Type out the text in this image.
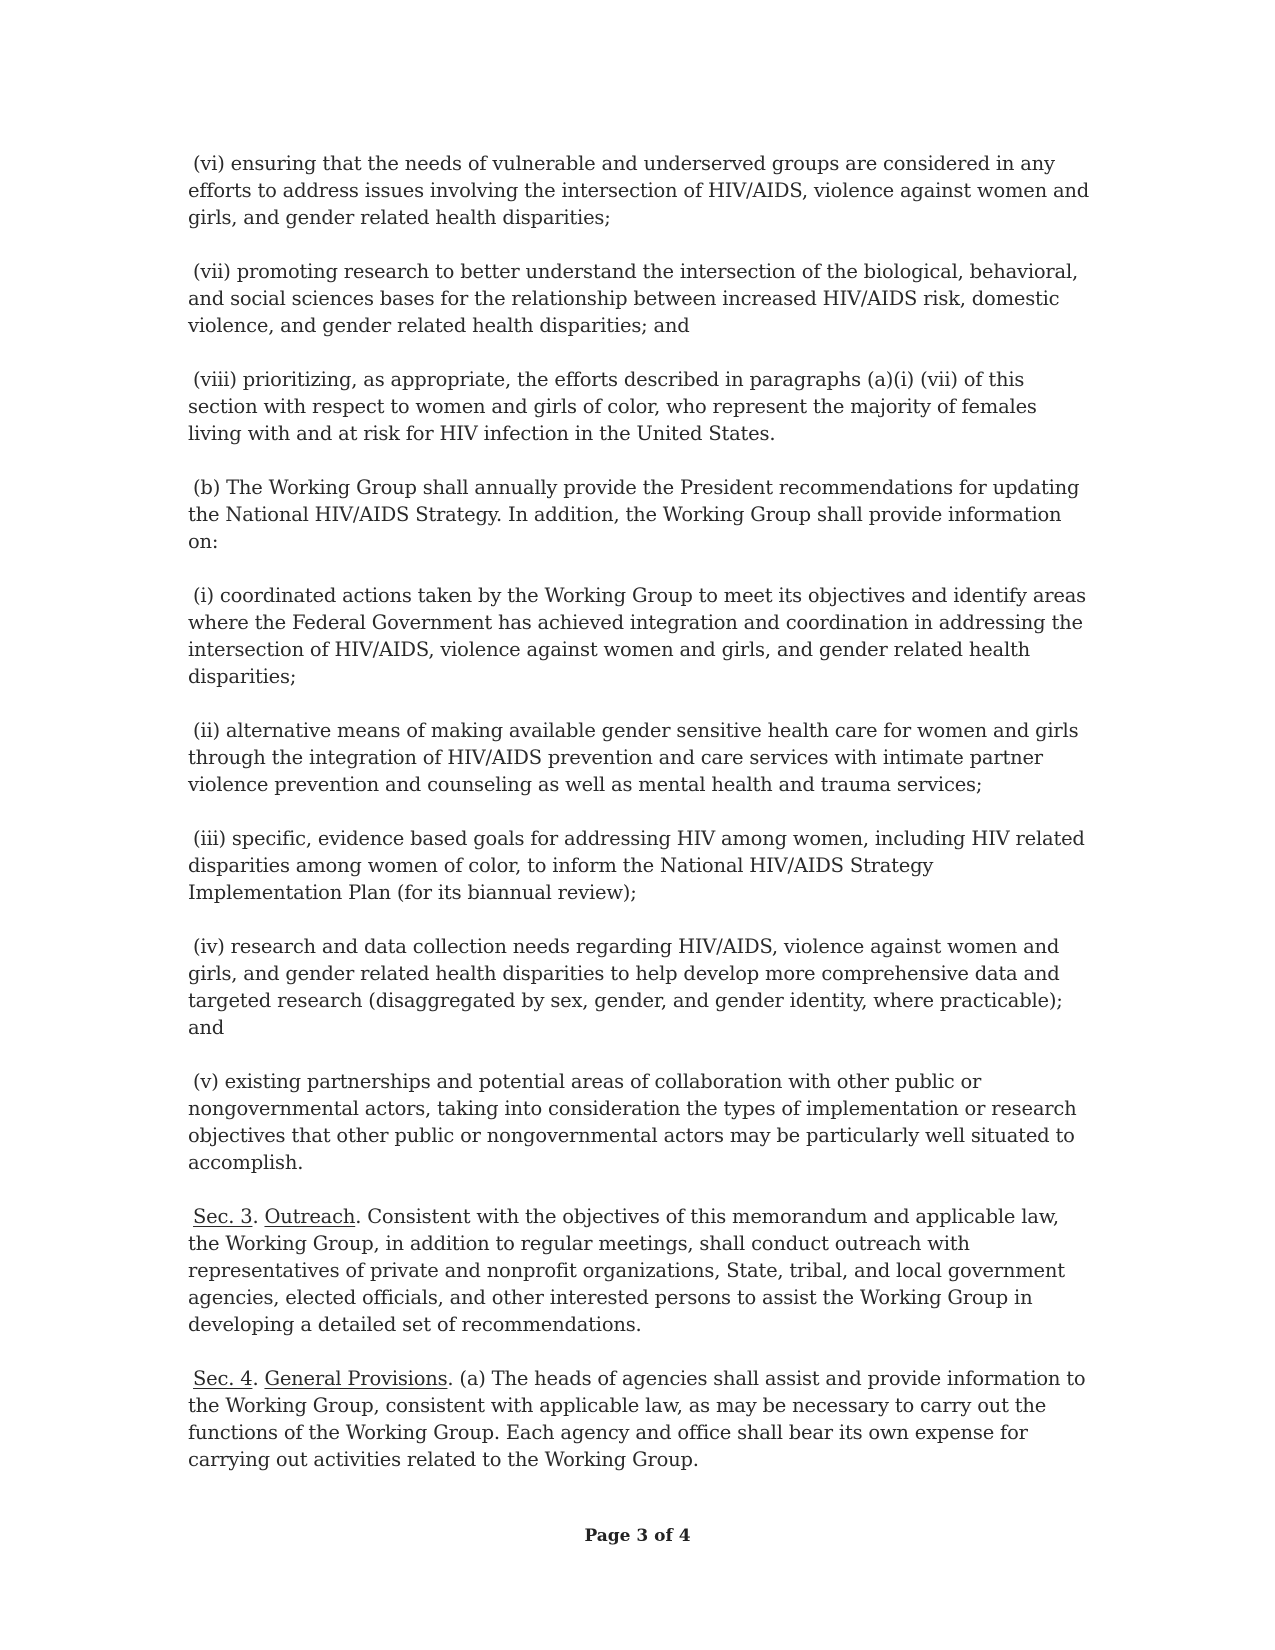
(vi) ensuring that the needs of vulnerable and underserved groups are considered in any efforts to address issues involving the intersection of HIV/AIDS, violence against women and girls, and gender related health disparities;

(vii) promoting research to better understand the intersection of the biological, behavioral, and social sciences bases for the relationship between increased HIV/AIDS risk, domestic violence, and gender related health disparities; and

(viii) prioritizing, as appropriate, the efforts described in paragraphs (a)(i) (vii) of this section with respect to women and girls of color, who represent the majority of females living with and at risk for HIV infection in the United States.

(b) The Working Group shall annually provide the President recommendations for updating the National HIV/AIDS Strategy. In addition, the Working Group shall provide information on:

(i) coordinated actions taken by the Working Group to meet its objectives and identify areas where the Federal Government has achieved integration and coordination in addressing the intersection of HIV/AIDS, violence against women and girls, and gender related health disparities;

(ii) alternative means of making available gender sensitive health care for women and girls through the integration of HIV/AIDS prevention and care services with intimate partner violence prevention and counseling as well as mental health and trauma services;

(iii) specific, evidence based goals for addressing HIV among women, including HIV related disparities among women of color, to inform the National HIV/AIDS Strategy Implementation Plan (for its biannual review);

(iv) research and data collection needs regarding HIV/AIDS, violence against women and girls, and gender related health disparities to help develop more comprehensive data and targeted research (disaggregated by sex, gender, and gender identity, where practicable); and

(v) existing partnerships and potential areas of collaboration with other public or nongovernmental actors, taking into consideration the types of implementation or research objectives that other public or nongovernmental actors may be particularly well situated to accomplish.

Sec. 3. Outreach. Consistent with the objectives of this memorandum and applicable law, the Working Group, in addition to regular meetings, shall conduct outreach with representatives of private and nonprofit organizations, State, tribal, and local government agencies, elected officials, and other interested persons to assist the Working Group in developing a detailed set of recommendations.

Sec. 4. General Provisions. (a) The heads of agencies shall assist and provide information to the Working Group, consistent with applicable law, as may be necessary to carry out the functions of the Working Group. Each agency and office shall bear its own expense for carrying out activities related to the Working Group.

Page 3 of 4
